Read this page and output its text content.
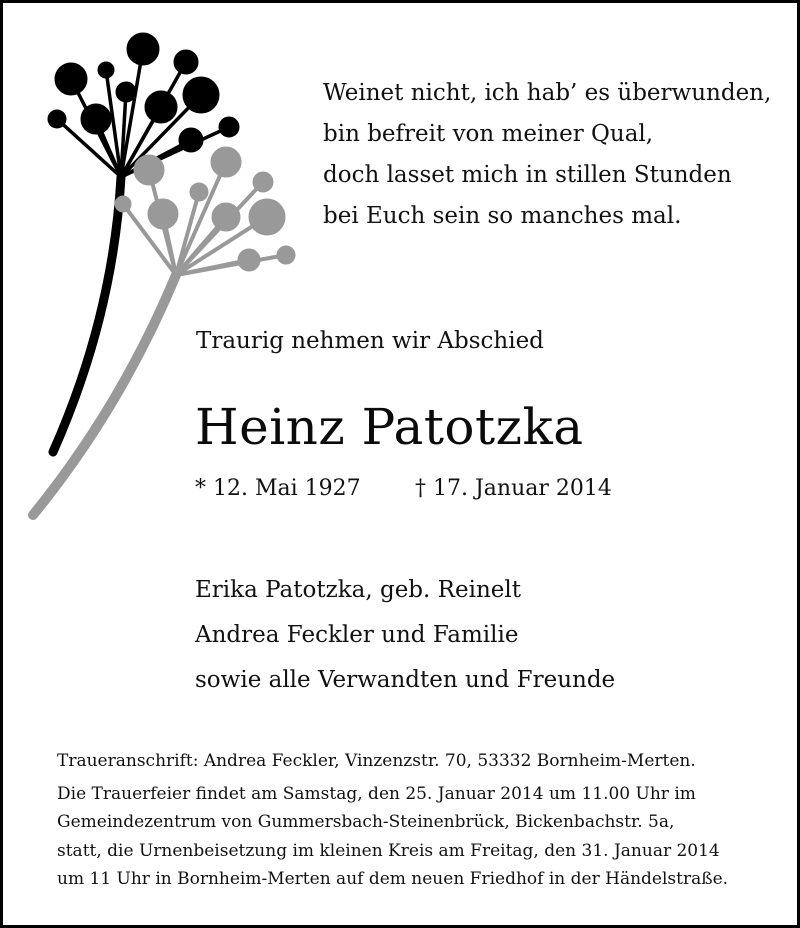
Weinet nicht, ich hab’ es überwunden,
bin befreit von meiner Qual,
doch lasset mich in stillen Stunden
bei Euch sein so manches mal.
Traurig nehmen wir Abschied
Heinz Patotzka
* 12. Mai 1927 † 17. Januar 2014
Erika Patotzka, geb. Reinelt
Andrea Feckler und Familie
sowie alle Verwandten und Freunde
Traueranschrift: Andrea Feckler, Vinzenzstr. 70, 53332 Bornheim-Merten.
Die Trauerfeier findet am Samstag, den 25. Januar 2014 um 11.00 Uhr im
Gemeindezentrum von Gummersbach-Steinenbrück, Bickenbachstr. 5a,
statt, die Urnenbeisetzung im kleinen Kreis am Freitag, den 31. Januar 2014
um 11 Uhr in Bornheim-Merten auf dem neuen Friedhof in der Händelstraße.
